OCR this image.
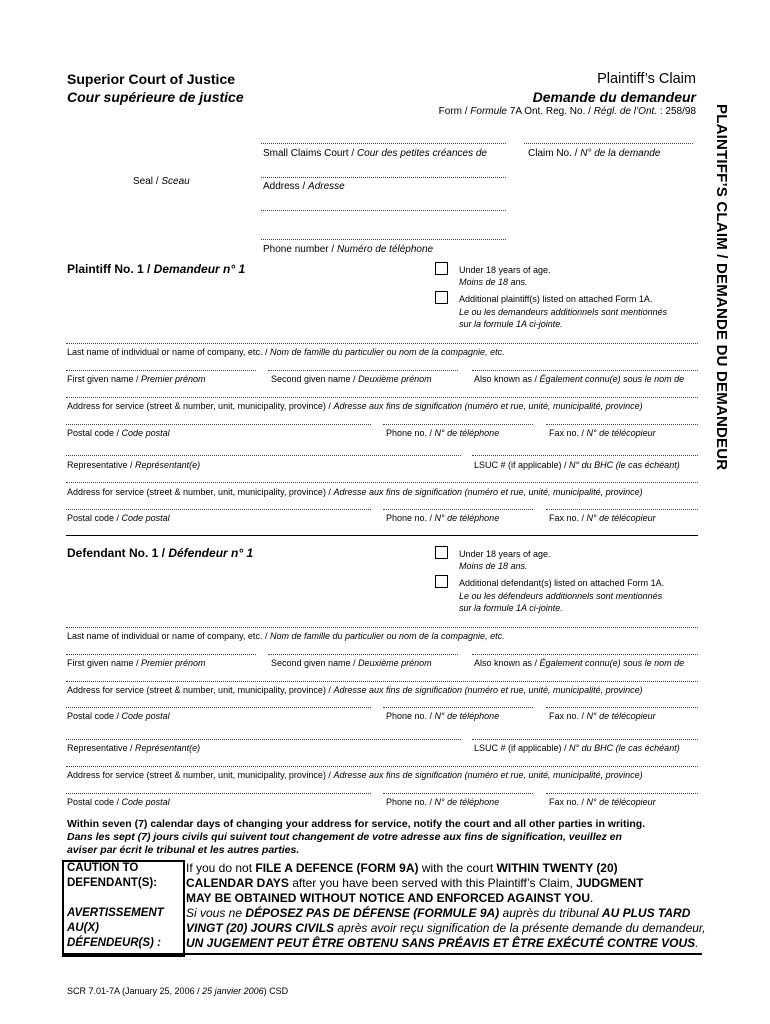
Superior Court of Justice
Cour supérieure de justice
Plaintiff’s Claim
Demande du demandeur
Form / Formule 7A Ont. Reg. No. / Régl. de l’Ont. : 258/98 PLAINTIFF’S CLAIM / DEMANDE DU DEMANDEUR
Seal / Sceau
Small Claims Court / Cour des petites créances de	Claim No. / N° de la demande
Address / Adresse
Phone number / Numéro de téléphone
Plaintiff No. 1 / Demandeur n° 1	Under 18 years of age.
Moins de 18 ans.
Additional plaintiff(s) listed on attached Form 1A.
Le ou les demandeurs additionnels sont mentionnés
sur la formule 1A ci-jointe.
Last name of individual or name of company, etc. / Nom de famille du particulier ou nom de la compagnie, etc.
First given name / Premier prénom	Second given name / Deuxième prénom	Also known as / Également connu(e) sous le nom de
Address for service (street & number, unit, municipality, province) / Adresse aux fins de signification (numéro et rue, unité, municipalité, province)
Postal code / Code postal	Phone no. / N° de téléphone	Fax no. / N° de télécopieur
Representative / Représentant(e)	LSUC # (if applicable) / N° du BHC (le cas échéant)
Address for service (street & number, unit, municipality, province) / Adresse aux fins de signification (numéro et rue, unité, municipalité, province)
Postal code / Code postal	Phone no. / N° de téléphone	Fax no. / N° de télécopieur
Defendant No. 1 / Défendeur n° 1	Under 18 years of age.
Moins de 18 ans.
Additional defendant(s) listed on attached Form 1A.
Le ou les défendeurs additionnels sont mentionnés
sur la formule 1A ci-jointe.
Last name of individual or name of company, etc. / Nom de famille du particulier ou nom de la compagnie, etc.
First given name / Premier prénom	Second given name / Deuxième prénom	Also known as / Également connu(e) sous le nom de
Address for service (street & number, unit, municipality, province) / Adresse aux fins de signification (numéro et rue, unité, municipalité, province)
Postal code / Code postal	Phone no. / N° de téléphone	Fax no. / N° de télécopieur
Representative / Représentant(e)	LSUC # (if applicable) / N° du BHC (le cas échéant)
Address for service (street & number, unit, municipality, province) / Adresse aux fins de signification (numéro et rue, unité, municipalité, province)
Postal code / Code postal	Phone no. / N° de téléphone	Fax no. / N° de télécopieur
Within seven (7) calendar days of changing your address for service, notify the court and all other parties in writing.
Dans les sept (7) jours civils qui suivent tout changement de votre adresse aux fins de signification, veuillez en
aviser par écrit le tribunal et les autres parties.
CAUTION TO
DEFENDANT(S):
AVERTISSEMENT
AU(X)
DÉFENDEUR(S) :
If you do not FILE A DEFENCE (FORM 9A) with the court WITHIN TWENTY (20)
CALENDAR DAYS after you have been served with this Plaintiff’s Claim, JUDGMENT
MAY BE OBTAINED WITHOUT NOTICE AND ENFORCED AGAINST YOU.
Si vous ne DÉPOSEZ PAS DE DÉFENSE (FORMULE 9A) auprès du tribunal AU PLUS TARD
VINGT (20) JOURS CIVILS après avoir reçu signification de la présente demande du demandeur,
UN JUGEMENT PEUT ÊTRE OBTENU SANS PRÉAVIS ET ÊTRE EXÉCUTÉ CONTRE VOUS.
SCR 7.01-7A (January 25, 2006 / 25 janvier 2006) CSD
